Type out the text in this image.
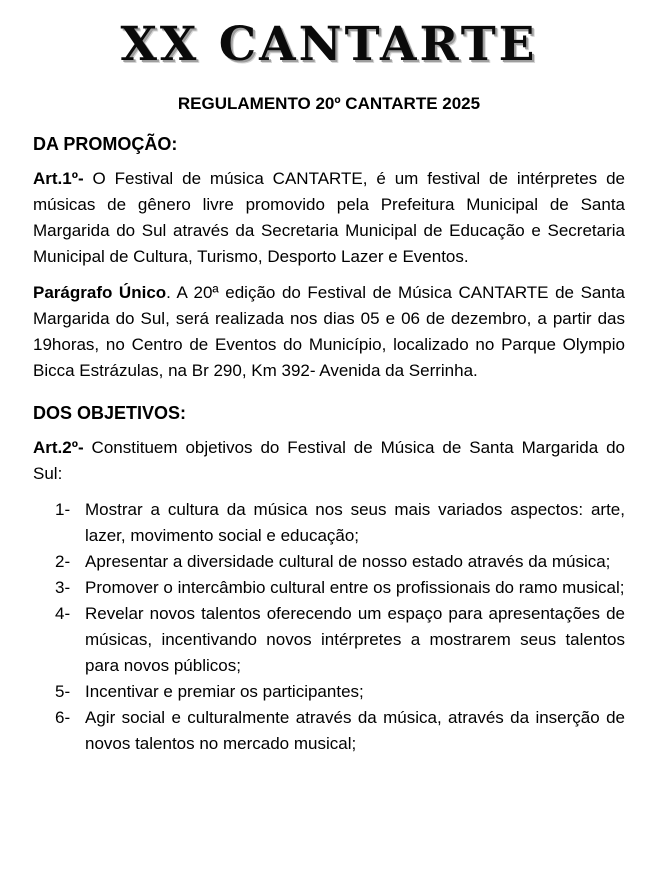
XX CANTARTE
REGULAMENTO 20º CANTARTE 2025
DA PROMOÇÃO:

Art.1º- O Festival de música CANTARTE, é um festival de intérpretes de músicas de gênero livre promovido pela Prefeitura Municipal de Santa Margarida do Sul através da Secretaria Municipal de Educação e Secretaria Municipal de Cultura, Turismo, Desporto Lazer e Eventos.

Parágrafo Único. A 20ª edição do Festival de Música CANTARTE de Santa Margarida do Sul, será realizada nos dias 05 e 06 de dezembro, a partir das 19horas, no Centro de Eventos do Município, localizado no Parque Olympio Bicca Estrázulas, na Br 290, Km 392- Avenida da Serrinha.

DOS OBJETIVOS:

Art.2º- Constituem objetivos do Festival de Música de Santa Margarida do Sul:

1- Mostrar a cultura da música nos seus mais variados aspectos: arte, lazer, movimento social e educação;
2- Apresentar a diversidade cultural de nosso estado através da música;
3- Promover o intercâmbio cultural entre os profissionais do ramo musical;
4- Revelar novos talentos oferecendo um espaço para apresentações de músicas, incentivando novos intérpretes a mostrarem seus talentos para novos públicos;
5- Incentivar e premiar os participantes;
6- Agir social e culturalmente através da música, através da inserção de novos talentos no mercado musical;
